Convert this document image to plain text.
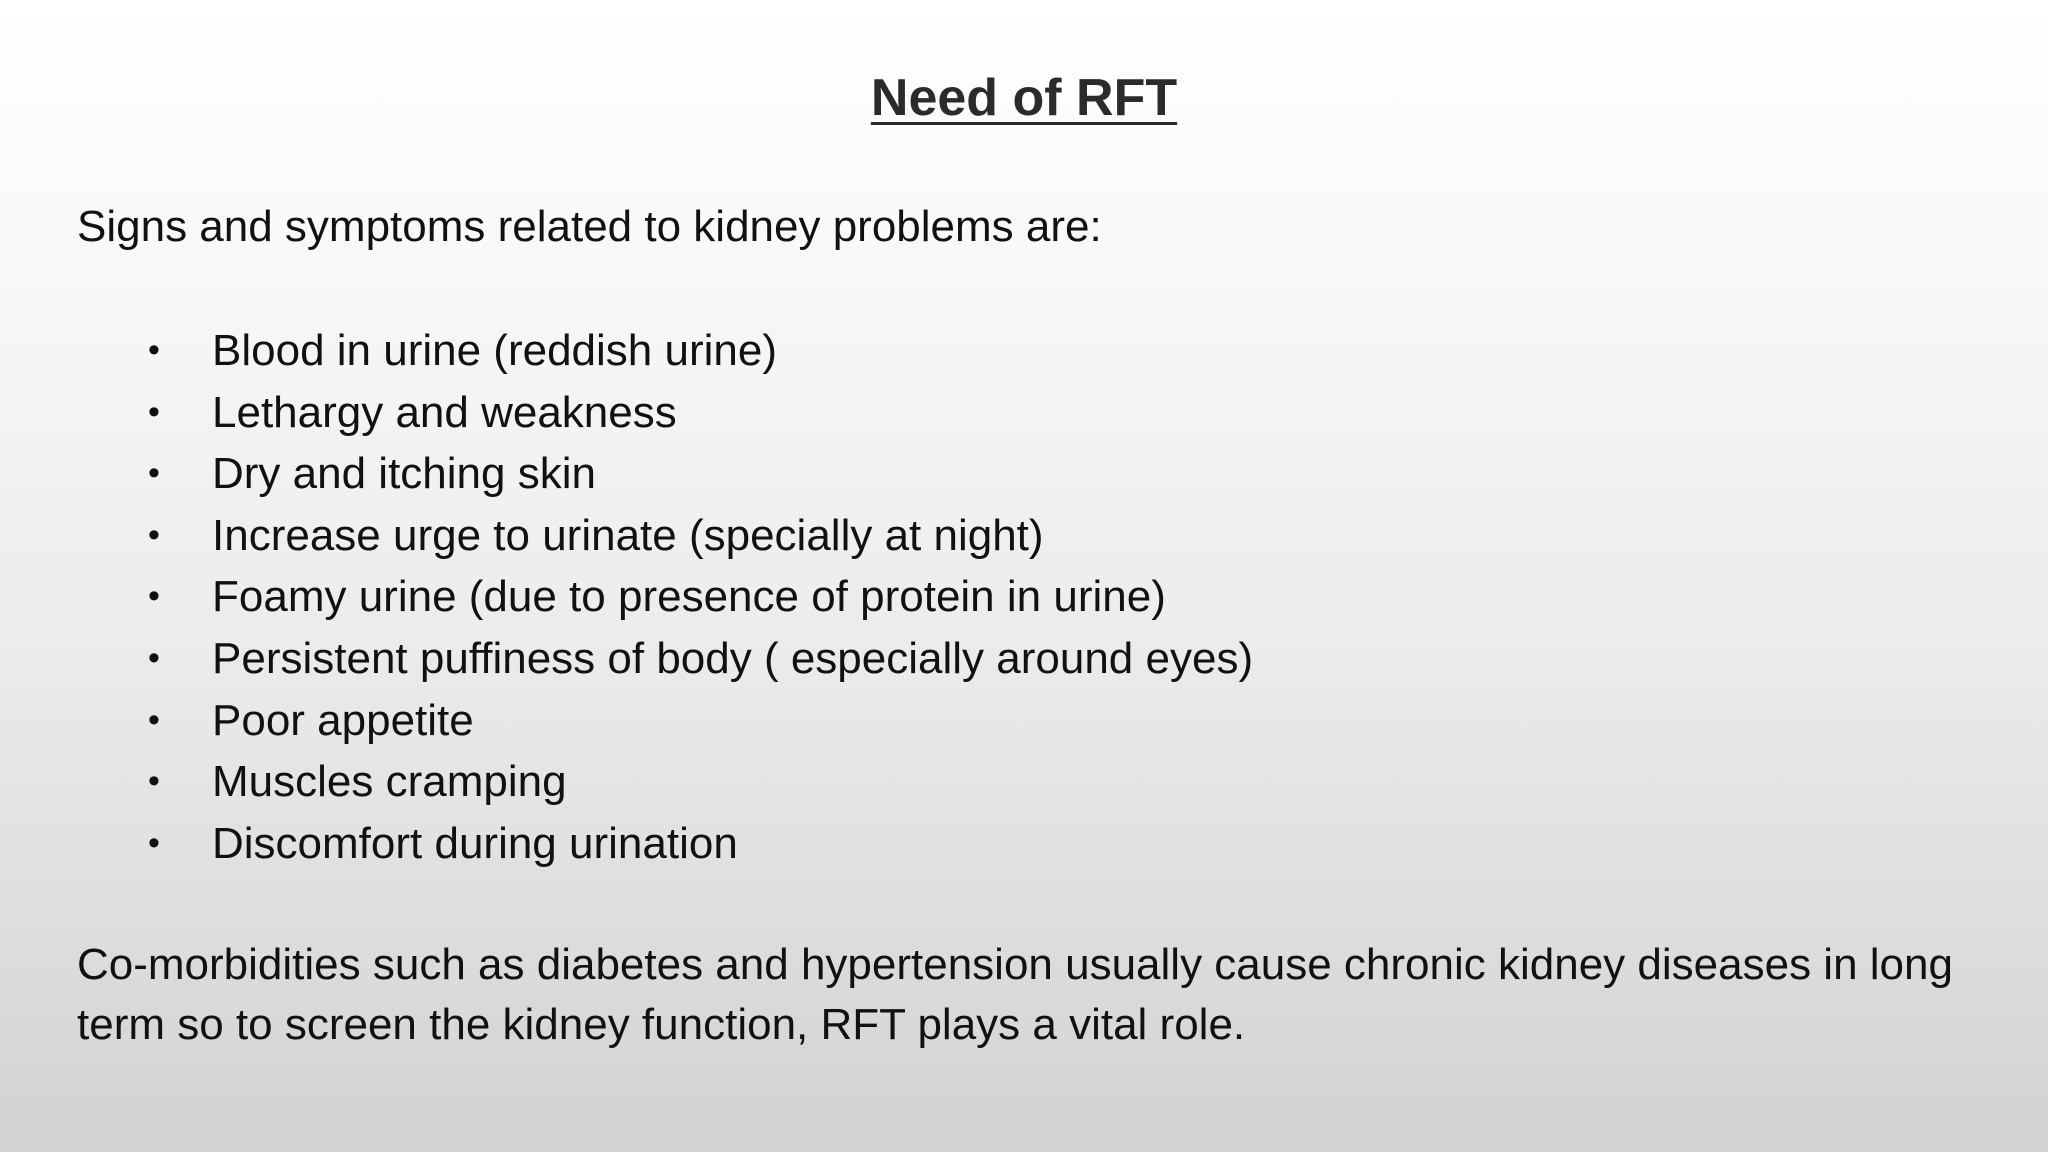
Need of RFT
Signs and symptoms related to kidney problems are:
•	Blood in urine (reddish urine)
•	Lethargy and weakness
•	Dry and itching skin
•	Increase urge to urinate (specially at night)
•	Foamy urine (due to presence of protein in urine)
•	Persistent puffiness of body ( especially around eyes)
•	Poor appetite
•	Muscles cramping
•	Discomfort during urination
Co-morbidities such as diabetes and hypertension usually cause chronic kidney diseases in long term so to screen the kidney function, RFT plays a vital role.
